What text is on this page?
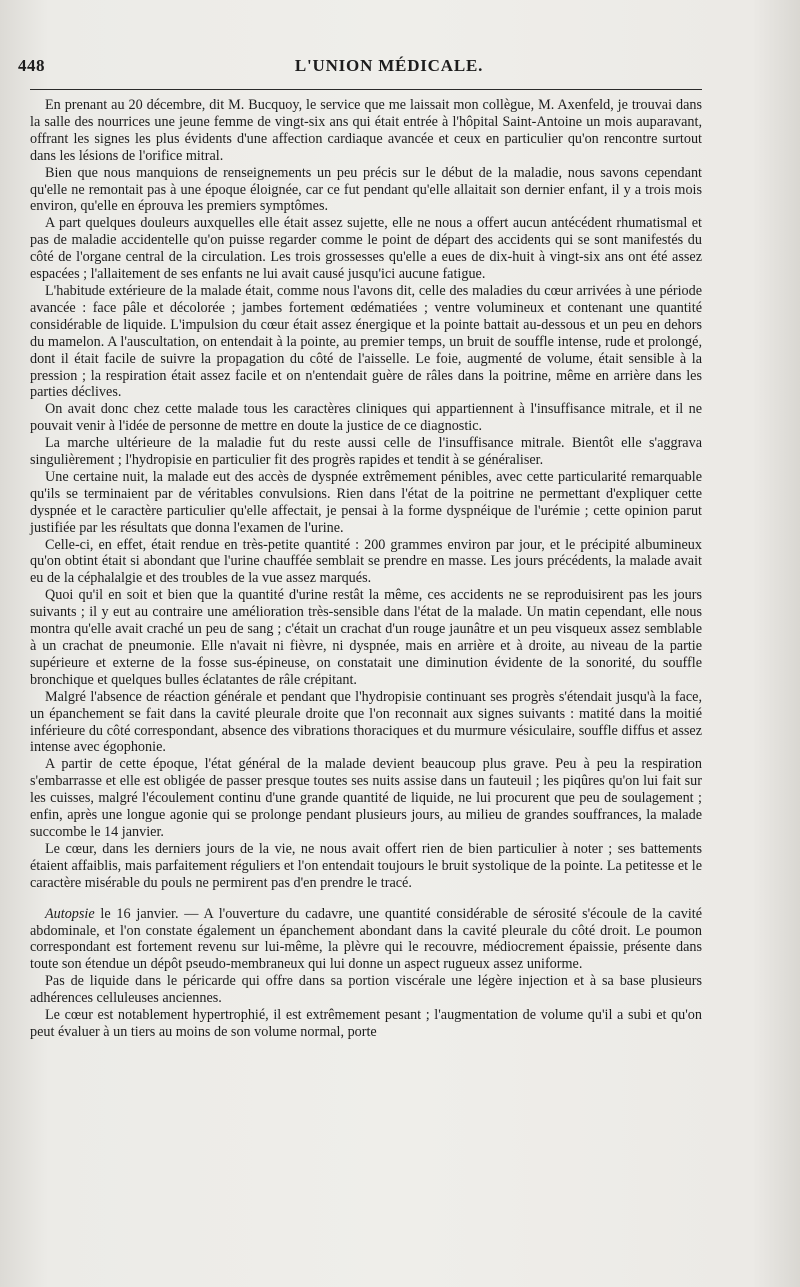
448	L'UNION MÉDICALE.

En prenant au 20 décembre, dit M. Bucquoy, le service que me laissait mon collègue, M. Axenfeld, je trouvai dans la salle des nourrices une jeune femme de vingt-six ans qui était entrée à l'hôpital Saint-Antoine un mois auparavant, offrant les signes les plus évidents d'une affection cardiaque avancée et ceux en particulier qu'on rencontre surtout dans les lésions de l'orifice mitral.

Bien que nous manquions de renseignements un peu précis sur le début de la maladie, nous savons cependant qu'elle ne remontait pas à une époque éloignée, car ce fut pendant qu'elle allaitait son dernier enfant, il y a trois mois environ, qu'elle en éprouva les premiers symptômes.

A part quelques douleurs auxquelles elle était assez sujette, elle ne nous a offert aucun antécédent rhumatismal et pas de maladie accidentelle qu'on puisse regarder comme le point de départ des accidents qui se sont manifestés du côté de l'organe central de la circulation. Les trois grossesses qu'elle a eues de dix-huit à vingt-six ans ont été assez espacées ; l'allaitement de ses enfants ne lui avait causé jusqu'ici aucune fatigue.

L'habitude extérieure de la malade était, comme nous l'avons dit, celle des maladies du cœur arrivées à une période avancée : face pâle et décolorée ; jambes fortement œdématiées ; ventre volumineux et contenant une quantité considérable de liquide. L'impulsion du cœur était assez énergique et la pointe battait au-dessous et un peu en dehors du mamelon. A l'auscultation, on entendait à la pointe, au premier temps, un bruit de souffle intense, rude et prolongé, dont il était facile de suivre la propagation du côté de l'aisselle. Le foie, augmenté de volume, était sensible à la pression ; la respiration était assez facile et on n'entendait guère de râles dans la poitrine, même en arrière dans les parties déclives.

On avait donc chez cette malade tous les caractères cliniques qui appartiennent à l'insuffisance mitrale, et il ne pouvait venir à l'idée de personne de mettre en doute la justice de ce diagnostic.

La marche ultérieure de la maladie fut du reste aussi celle de l'insuffisance mitrale. Bientôt elle s'aggrava singulièrement ; l'hydropisie en particulier fit des progrès rapides et tendit à se généraliser.

Une certaine nuit, la malade eut des accès de dyspnée extrêmement pénibles, avec cette particularité remarquable qu'ils se terminaient par de véritables convulsions. Rien dans l'état de la poitrine ne permettant d'expliquer cette dyspnée et le caractère particulier qu'elle affectait, je pensai à la forme dyspnéique de l'urémie ; cette opinion parut justifiée par les résultats que donna l'examen de l'urine.

Celle-ci, en effet, était rendue en très-petite quantité : 200 grammes environ par jour, et le précipité albumineux qu'on obtint était si abondant que l'urine chauffée semblait se prendre en masse. Les jours précédents, la malade avait eu de la céphalalgie et des troubles de la vue assez marqués.

Quoi qu'il en soit et bien que la quantité d'urine restât la même, ces accidents ne se reproduisirent pas les jours suivants ; il y eut au contraire une amélioration très-sensible dans l'état de la malade. Un matin cependant, elle nous montra qu'elle avait craché un peu de sang ; c'était un crachat d'un rouge jaunâtre et un peu visqueux assez semblable à un crachat de pneumonie. Elle n'avait ni fièvre, ni dyspnée, mais en arrière et à droite, au niveau de la partie supérieure et externe de la fosse sus-épineuse, on constatait une diminution évidente de la sonorité, du souffle bronchique et quelques bulles éclatantes de râle crépitant.

Malgré l'absence de réaction générale et pendant que l'hydropisie continuant ses progrès s'étendait jusqu'à la face, un épanchement se fait dans la cavité pleurale droite que l'on reconnait aux signes suivants : matité dans la moitié inférieure du côté correspondant, absence des vibrations thoraciques et du murmure vésiculaire, souffle diffus et assez intense avec égophonie.

A partir de cette époque, l'état général de la malade devient beaucoup plus grave. Peu à peu la respiration s'embarrasse et elle est obligée de passer presque toutes ses nuits assise dans un fauteuil ; les piqûres qu'on lui fait sur les cuisses, malgré l'écoulement continu d'une grande quantité de liquide, ne lui procurent que peu de soulagement ; enfin, après une longue agonie qui se prolonge pendant plusieurs jours, au milieu de grandes souffrances, la malade succombe le 14 janvier.

Le cœur, dans les derniers jours de la vie, ne nous avait offert rien de bien particulier à noter ; ses battements étaient affaiblis, mais parfaitement réguliers et l'on entendait toujours le bruit systolique de la pointe. La petitesse et le caractère misérable du pouls ne permirent pas d'en prendre le tracé.

Autopsie le 16 janvier. — A l'ouverture du cadavre, une quantité considérable de sérosité s'écoule de la cavité abdominale, et l'on constate également un épanchement abondant dans la cavité pleurale du côté droit. Le poumon correspondant est fortement revenu sur lui-même, la plèvre qui le recouvre, médiocrement épaissie, présente dans toute son étendue un dépôt pseudo-membraneux qui lui donne un aspect rugueux assez uniforme.

Pas de liquide dans le péricarde qui offre dans sa portion viscérale une légère injection et à sa base plusieurs adhérences celluleuses anciennes.

Le cœur est notablement hypertrophié, il est extrêmement pesant ; l'augmentation de volume qu'il a subi et qu'on peut évaluer à un tiers au moins de son volume normal, porte
